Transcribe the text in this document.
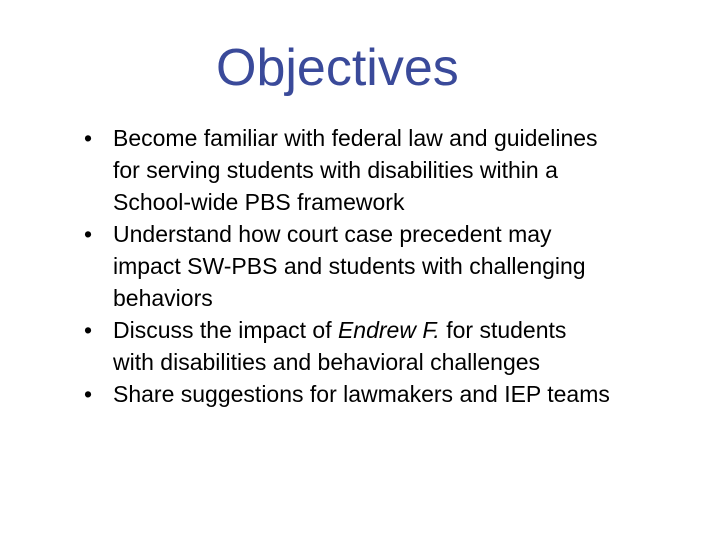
Objectives
• Become familiar with federal law and guidelines
for serving students with disabilities within a
School-wide PBS framework
• Understand how court case precedent may
impact SW-PBS and students with challenging
behaviors
• Discuss the impact of Endrew F. for students
with disabilities and behavioral challenges
• Share suggestions for lawmakers and IEP teams
